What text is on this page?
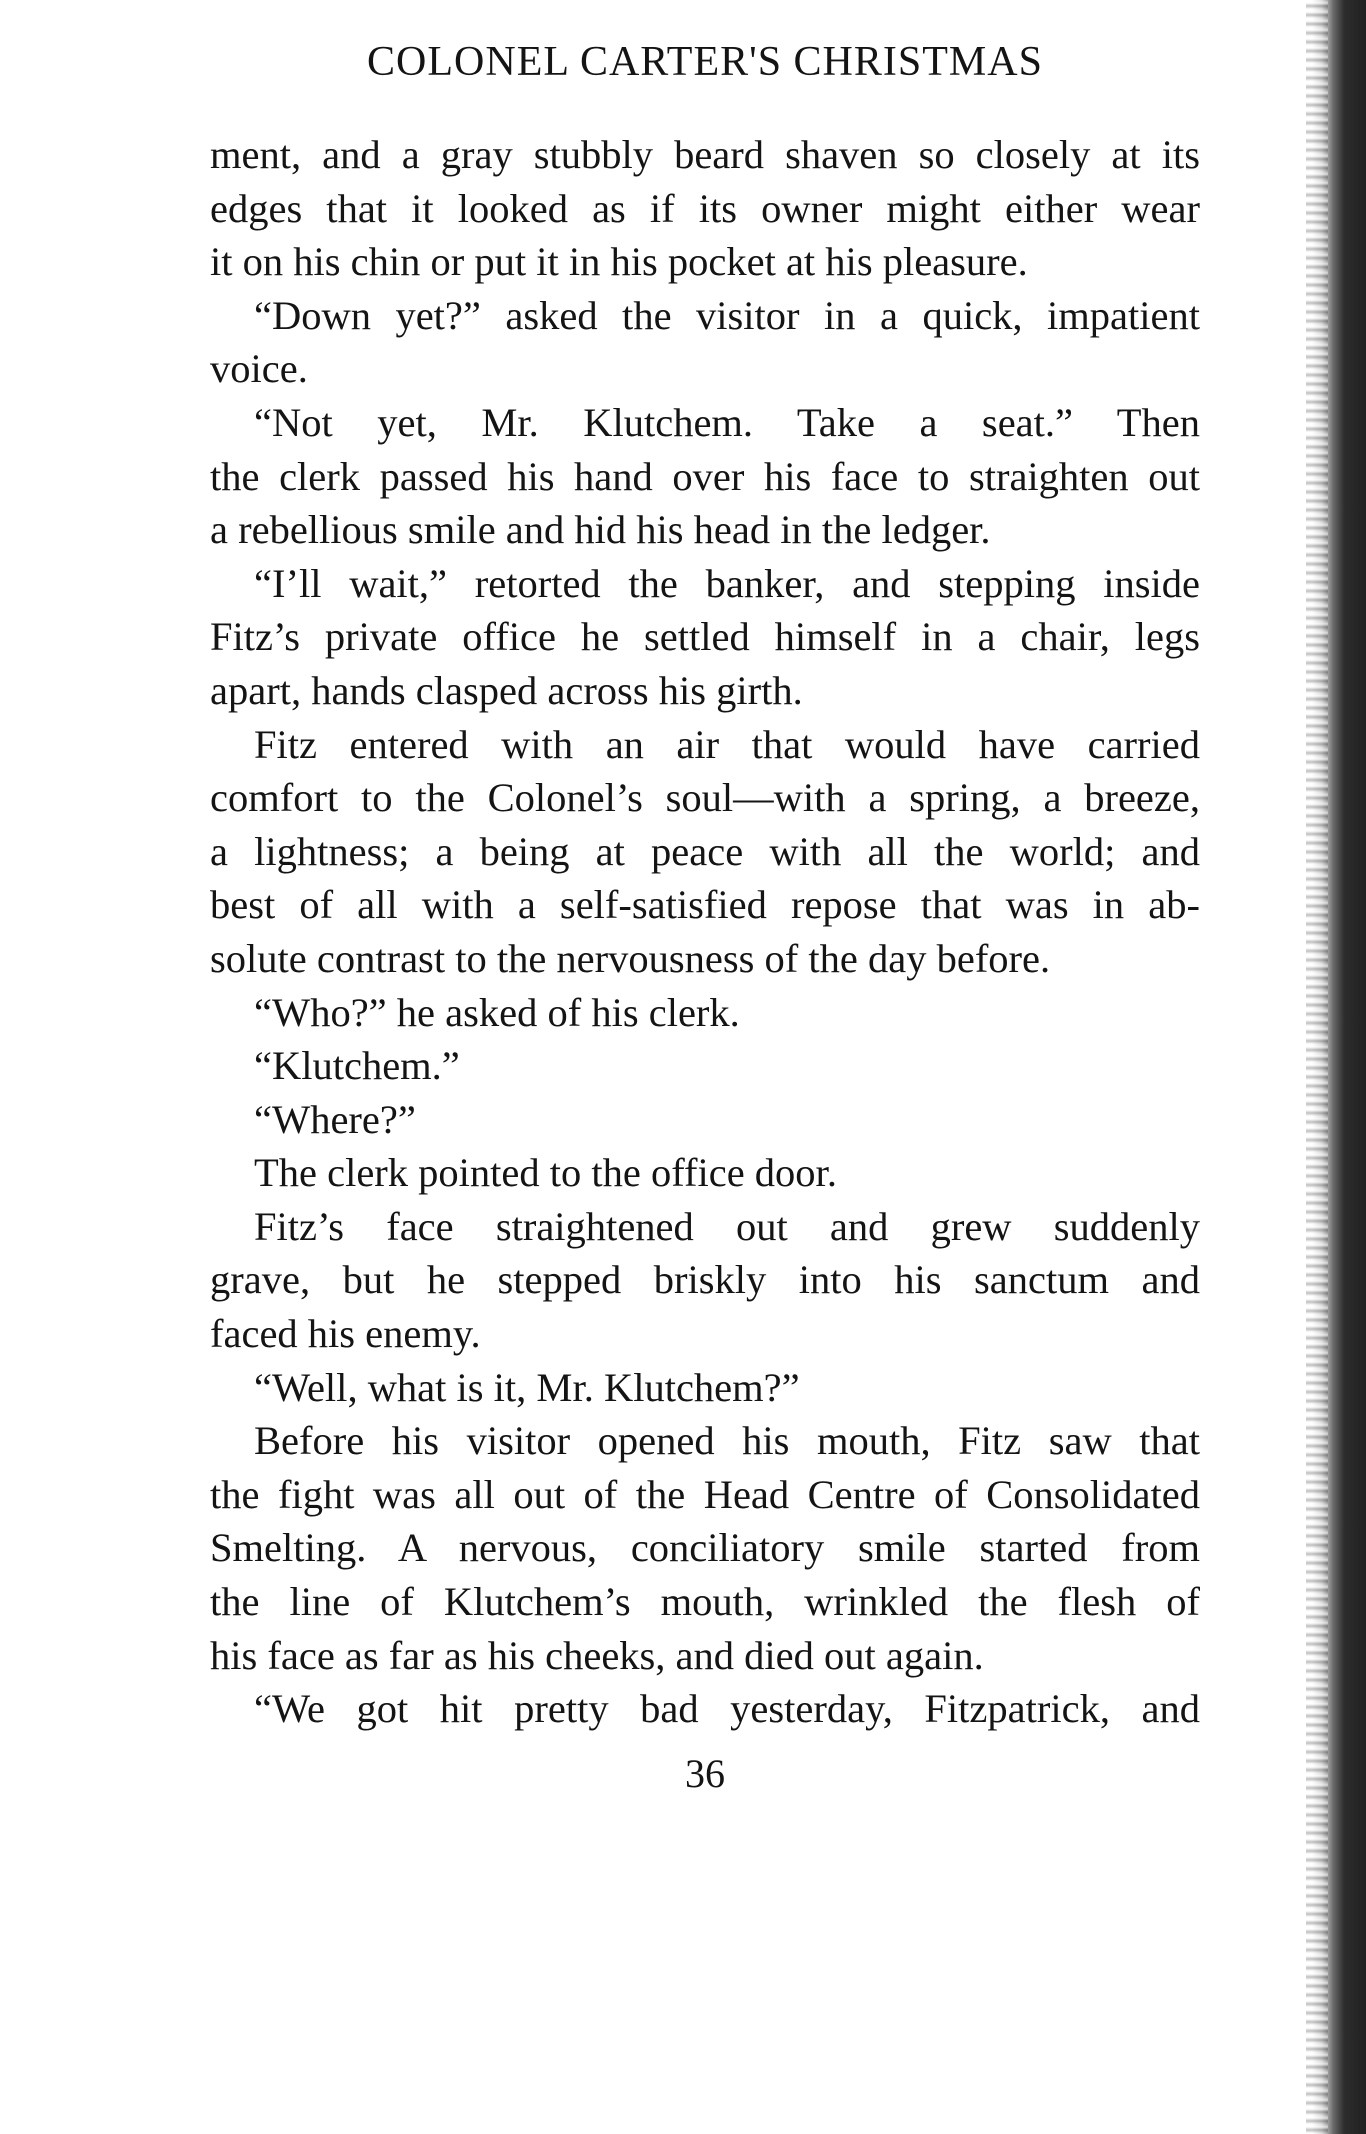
COLONEL CARTER'S CHRISTMAS
ment, and a gray stubbly beard shaven so closely at its
edges that it looked as if its owner might either wear
it on his chin or put it in his pocket at his pleasure.
“Down yet?” asked the visitor in a quick, impatient
voice.
“Not yet, Mr. Klutchem. Take a seat.” Then
the clerk passed his hand over his face to straighten out
a rebellious smile and hid his head in the ledger.
“I’ll wait,” retorted the banker, and stepping inside
Fitz’s private office he settled himself in a chair, legs
apart, hands clasped across his girth.
Fitz entered with an air that would have carried
comfort to the Colonel’s soul—with a spring, a breeze,
a lightness; a being at peace with all the world; and
best of all with a self-satisfied repose that was in ab-
solute contrast to the nervousness of the day before.
“Who?” he asked of his clerk.
“Klutchem.”
“Where?”
The clerk pointed to the office door.
Fitz’s face straightened out and grew suddenly
grave, but he stepped briskly into his sanctum and
faced his enemy.
“Well, what is it, Mr. Klutchem?”
Before his visitor opened his mouth, Fitz saw that
the fight was all out of the Head Centre of Consolidated
Smelting. A nervous, conciliatory smile started from
the line of Klutchem’s mouth, wrinkled the flesh of
his face as far as his cheeks, and died out again.
“We got hit pretty bad yesterday, Fitzpatrick, and
36
